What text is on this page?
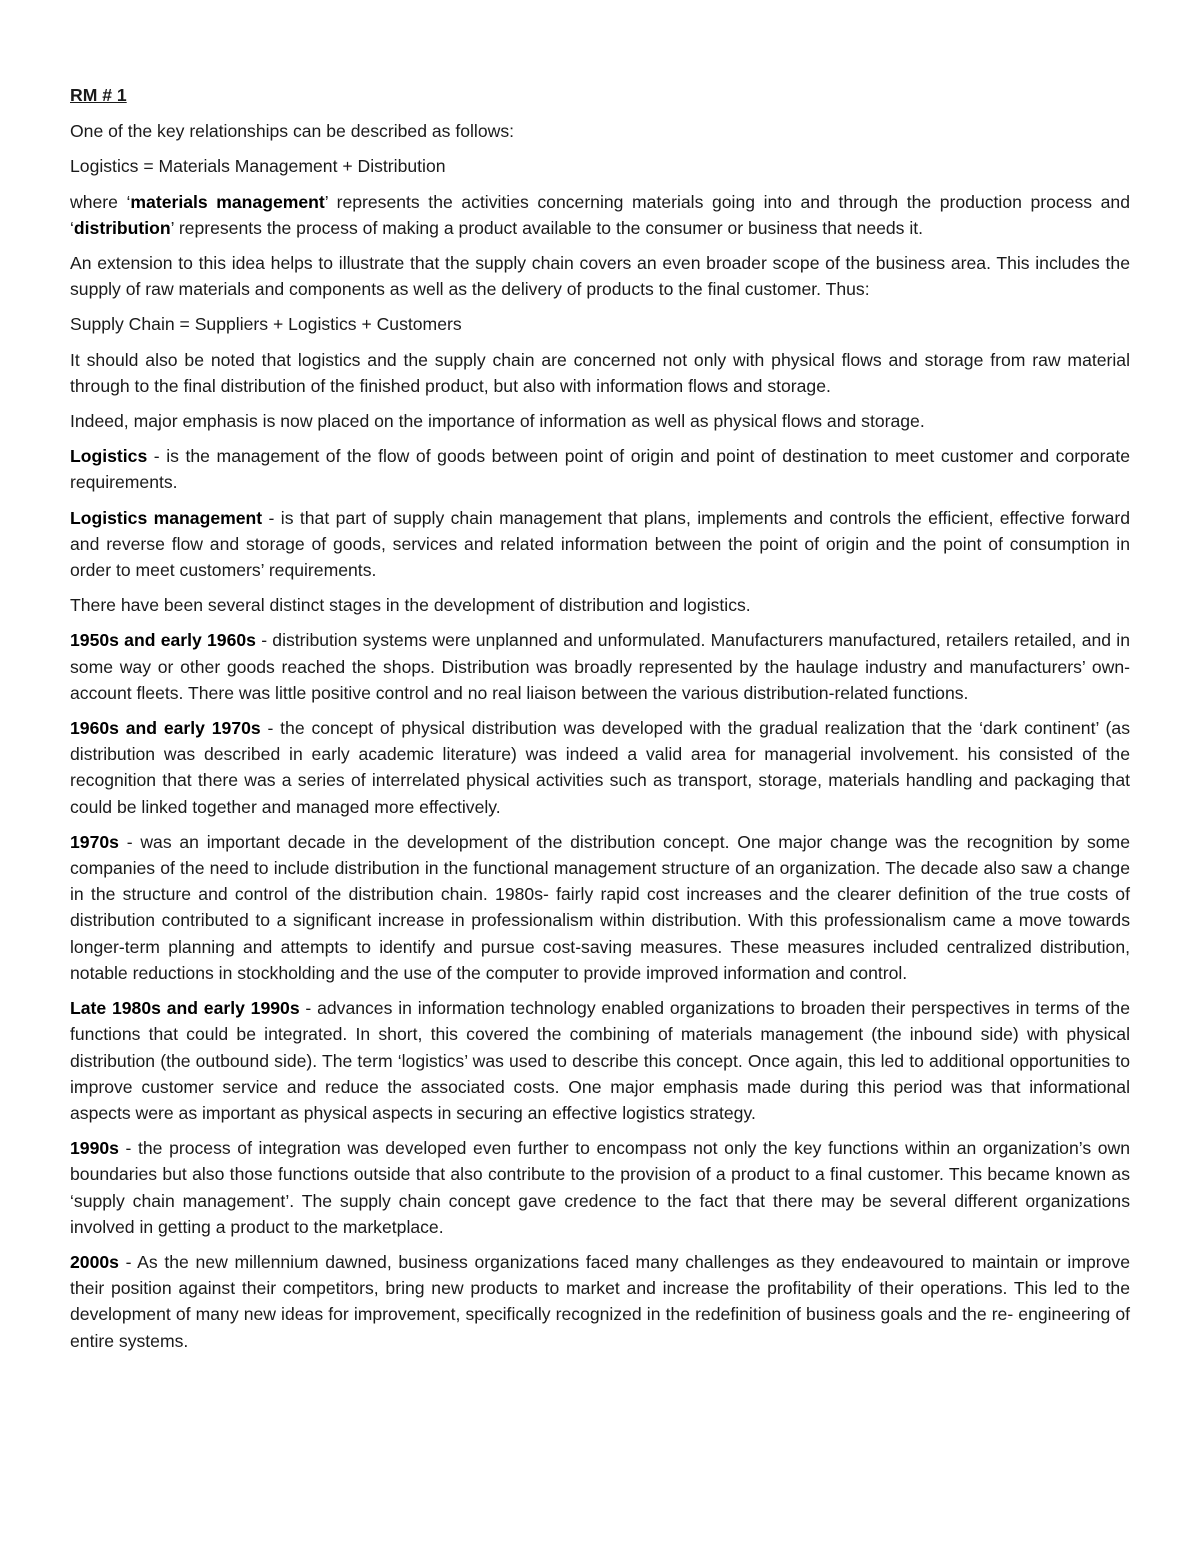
RM # 1

One of the key relationships can be described as follows:

Logistics = Materials Management + Distribution

where ‘materials management’ represents the activities concerning materials going into and through the production process and ‘distribution’ represents the process of making a product available to the consumer or business that needs it.

An extension to this idea helps to illustrate that the supply chain covers an even broader scope of the business area. This includes the supply of raw materials and components as well as the delivery of products to the final customer. Thus:

Supply Chain = Suppliers + Logistics + Customers

It should also be noted that logistics and the supply chain are concerned not only with physical flows and storage from raw material through to the final distribution of the finished product, but also with information flows and storage.

Indeed, major emphasis is now placed on the importance of information as well as physical flows and storage.

Logistics - is the management of the flow of goods between point of origin and point of destination to meet customer and corporate requirements.

Logistics management - is that part of supply chain management that plans, implements and controls the efficient, effective forward and reverse flow and storage of goods, services and related information between the point of origin and the point of consumption in order to meet customers’ requirements.

There have been several distinct stages in the development of distribution and logistics.

1950s and early 1960s - distribution systems were unplanned and unformulated. Manufacturers manufactured, retailers retailed, and in some way or other goods reached the shops. Distribution was broadly represented by the haulage industry and manufacturers’ own-account fleets. There was little positive control and no real liaison between the various distribution-related functions.

1960s and early 1970s - the concept of physical distribution was developed with the gradual realization that the ‘dark continent’ (as distribution was described in early academic literature) was indeed a valid area for managerial involvement. his consisted of the recognition that there was a series of interrelated physical activities such as transport, storage, materials handling and packaging that could be linked together and managed more effectively.

1970s - was an important decade in the development of the distribution concept. One major change was the recognition by some companies of the need to include distribution in the functional management structure of an organization. The decade also saw a change in the structure and control of the distribution chain. 1980s- fairly rapid cost increases and the clearer definition of the true costs of distribution contributed to a significant increase in professionalism within distribution. With this professionalism came a move towards longer-term planning and attempts to identify and pursue cost-saving measures. These measures included centralized distribution, notable reductions in stockholding and the use of the computer to provide improved information and control.

Late 1980s and early 1990s - advances in information technology enabled organizations to broaden their perspectives in terms of the functions that could be integrated. In short, this covered the combining of materials management (the inbound side) with physical distribution (the outbound side). The term ‘logistics’ was used to describe this concept. Once again, this led to additional opportunities to improve customer service and reduce the associated costs. One major emphasis made during this period was that informational aspects were as important as physical aspects in securing an effective logistics strategy.

1990s - the process of integration was developed even further to encompass not only the key functions within an organization’s own boundaries but also those functions outside that also contribute to the provision of a product to a final customer. This became known as ‘supply chain management’. The supply chain concept gave credence to the fact that there may be several different organizations involved in getting a product to the marketplace.

2000s - As the new millennium dawned, business organizations faced many challenges as they endeavoured to maintain or improve their position against their competitors, bring new products to market and increase the profitability of their operations. This led to the development of many new ideas for improvement, specifically recognized in the redefinition of business goals and the re- engineering of entire systems.
